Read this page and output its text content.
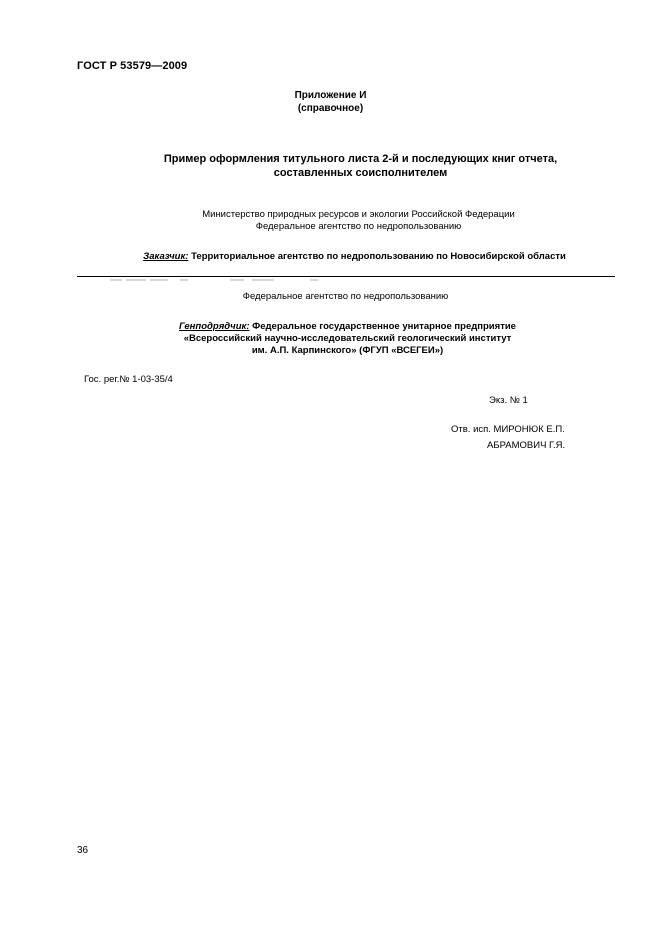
ГОСТ Р 53579—2009
Приложение И
(справочное)
Пример оформления титульного листа 2-й и последующих книг отчета,
составленных соисполнителем
Министерство природных ресурсов и экологии Российской Федерации
Федеральное агентство по недропользованию
Заказчик: Территориальное агентство по недропользованию по Новосибирской области
Федеральное агентство по недропользованию
Генподрядчик: Федеральное государственное унитарное предприятие
«Всероссийский научно-исследовательский геологический институт
им. А.П. Карпинского» (ФГУП «ВСЕГЕИ»)
Гос. рег.№ 1-03-35/4
Экз. № 1
Отв. исп. МИРОНЮК Е.П.
АБРАМОВИЧ Г.Я.
36
